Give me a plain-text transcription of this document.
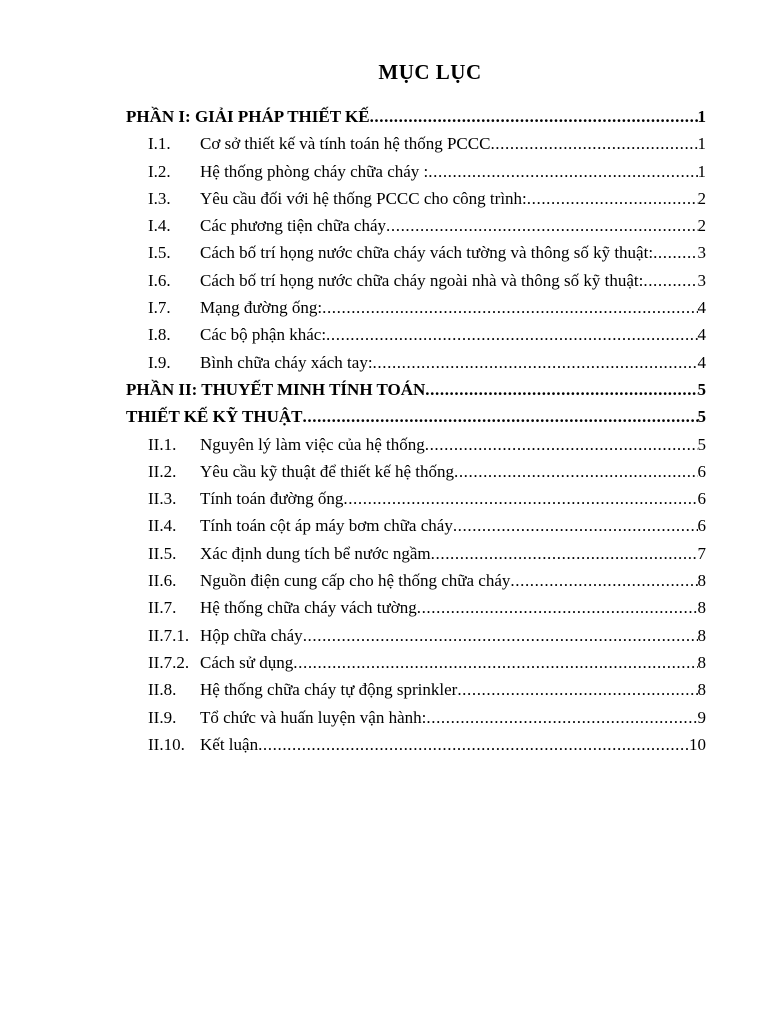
MỤC LỤC
PHẦN I: GIẢI PHÁP THIẾT KẾ .....	1
I.1.	Cơ sở thiết kế và tính toán hệ thống PCCC .....	1
I.2.	Hệ thống phòng cháy chữa cháy : .....	1
I.3.	Yêu cầu đối với hệ thống PCCC cho công trình: .....	2
I.4.	Các phương tiện chữa cháy .....	2
I.5.	Cách bố trí họng nước chữa cháy vách tường và thông số kỹ thuật: .....	3
I.6.	Cách bố trí họng nước chữa cháy ngoài nhà và thông số kỹ thuật: .....	3
I.7.	Mạng đường ống: .....	4
I.8.	Các bộ phận khác: .....	4
I.9.	Bình chữa cháy xách tay: .....	4
PHẦN II: THUYẾT MINH TÍNH TOÁN .....	5
THIẾT KẾ KỸ THUẬT .....	5
II.1.	Nguyên lý làm việc của hệ thống .....	5
II.2.	Yêu cầu kỹ thuật để thiết kế hệ thống .....	6
II.3.	Tính toán đường ống .....	6
II.4.	Tính toán cột áp máy bơm chữa cháy .....	6
II.5.	Xác định dung tích bể nước ngầm .....	7
II.6.	Nguồn điện cung cấp cho hệ thống chữa cháy .....	8
II.7.	Hệ thống chữa cháy vách tường .....	8
II.7.1. Hộp chữa cháy .....	8
II.7.2. Cách sử dụng .....	8
II.8.	Hệ thống chữa cháy tự động sprinkler .....	8
II.9.	Tổ chức và huấn luyện vận hành: .....	9
II.10. Kết luận .....	10
